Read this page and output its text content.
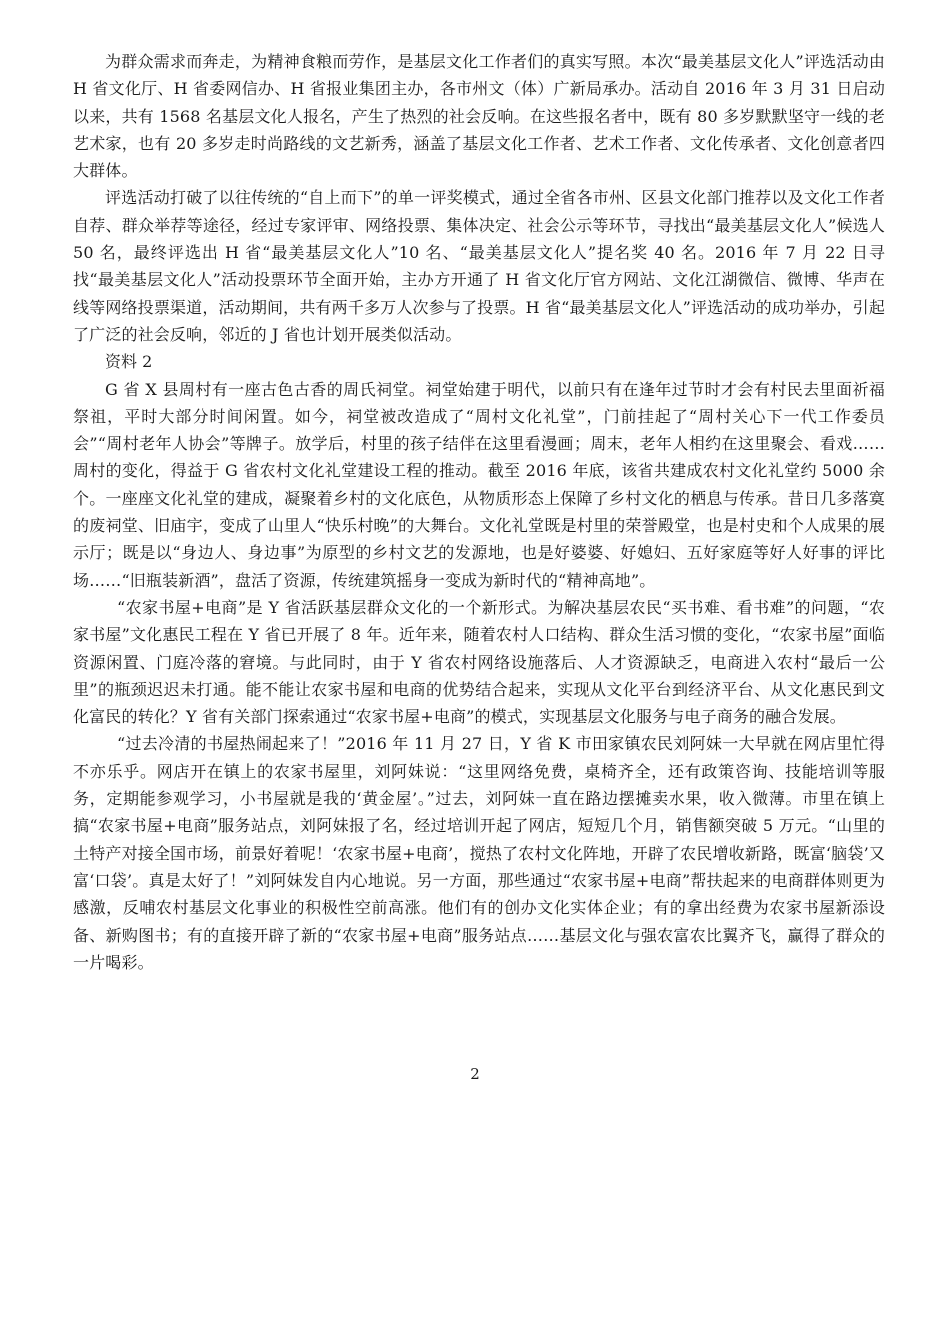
为群众需求而奔走，为精神食粮而劳作，是基层文化工作者们的真实写照。本次“最美基层文化人”评选活动由 H 省文化厅、H 省委网信办、H 省报业集团主办，各市州文（体）广新局承办。活动自 2016 年 3 月 31 日启动以来，共有 1568 名基层文化人报名，产生了热烈的社会反响。在这些报名者中，既有 80 多岁默默坚守一线的老艺术家，也有 20 多岁走时尚路线的文艺新秀，涵盖了基层文化工作者、艺术工作者、文化传承者、文化创意者四大群体。

评选活动打破了以往传统的“自上而下”的单一评奖模式，通过全省各市州、区县文化部门推荐以及文化工作者自荐、群众举荐等途径，经过专家评审、网络投票、集体决定、社会公示等环节，寻找出“最美基层文化人”候选人 50 名，最终评选出 H 省“最美基层文化人”10 名、“最美基层文化人”提名奖 40 名。2016 年 7 月 22 日寻找“最美基层文化人”活动投票环节全面开始，主办方开通了 H 省文化厅官方网站、文化江湖微信、微博、华声在线等网络投票渠道，活动期间，共有两千多万人次参与了投票。H 省“最美基层文化人”评选活动的成功举办，引起了广泛的社会反响，邻近的 J 省也计划开展类似活动。

资料 2

G 省 X 县周村有一座古色古香的周氏祠堂。祠堂始建于明代，以前只有在逢年过节时才会有村民去里面祈福祭祖，平时大部分时间闲置。如今，祠堂被改造成了“周村文化礼堂”，门前挂起了“周村关心下一代工作委员会”“周村老年人协会”等牌子。放学后，村里的孩子结伴在这里看漫画；周末，老年人相约在这里聚会、看戏……周村的变化，得益于 G 省农村文化礼堂建设工程的推动。截至 2016 年底，该省共建成农村文化礼堂约 5000 余个。一座座文化礼堂的建成，凝聚着乡村的文化底色，从物质形态上保障了乡村文化的栖息与传承。昔日几多落寞的废祠堂、旧庙宇，变成了山里人“快乐村晚”的大舞台。文化礼堂既是村里的荣誉殿堂，也是村史和个人成果的展示厅；既是以“身边人、身边事”为原型的乡村文艺的发源地，也是好婆婆、好媳妇、五好家庭等好人好事的评比场……“旧瓶装新酒”，盘活了资源，传统建筑摇身一变成为新时代的“精神高地”。

“农家书屋+电商”是 Y 省活跃基层群众文化的一个新形式。为解决基层农民“买书难、看书难”的问题，“农家书屋”文化惠民工程在 Y 省已开展了 8 年。近年来，随着农村人口结构、群众生活习惯的变化，“农家书屋”面临资源闲置、门庭冷落的窘境。与此同时，由于 Y 省农村网络设施落后、人才资源缺乏，电商进入农村“最后一公里”的瓶颈迟迟未打通。能不能让农家书屋和电商的优势结合起来，实现从文化平台到经济平台、从文化惠民到文化富民的转化？Y 省有关部门探索通过“农家书屋+电商”的模式，实现基层文化服务与电子商务的融合发展。

“过去冷清的书屋热闹起来了！”2016 年 11 月 27 日，Y 省 K 市田家镇农民刘阿妹一大早就在网店里忙得不亦乐乎。网店开在镇上的农家书屋里，刘阿妹说：“这里网络免费，桌椅齐全，还有政策咨询、技能培训等服务，定期能参观学习，小书屋就是我的‘黄金屋’。”过去，刘阿妹一直在路边摆摊卖水果，收入微薄。市里在镇上搞“农家书屋+电商”服务站点，刘阿妹报了名，经过培训开起了网店，短短几个月，销售额突破 5 万元。“山里的土特产对接全国市场，前景好着呢！‘农家书屋+电商’，搅热了农村文化阵地，开辟了农民增收新路，既富‘脑袋’又富‘口袋’。真是太好了！”刘阿妹发自内心地说。另一方面，那些通过“农家书屋+电商”帮扶起来的电商群体则更为感激，反哺农村基层文化事业的积极性空前高涨。他们有的创办文化实体企业；有的拿出经费为农家书屋新添设备、新购图书；有的直接开辟了新的“农家书屋+电商”服务站点……基层文化与强农富农比翼齐飞，赢得了群众的一片喝彩。

2
